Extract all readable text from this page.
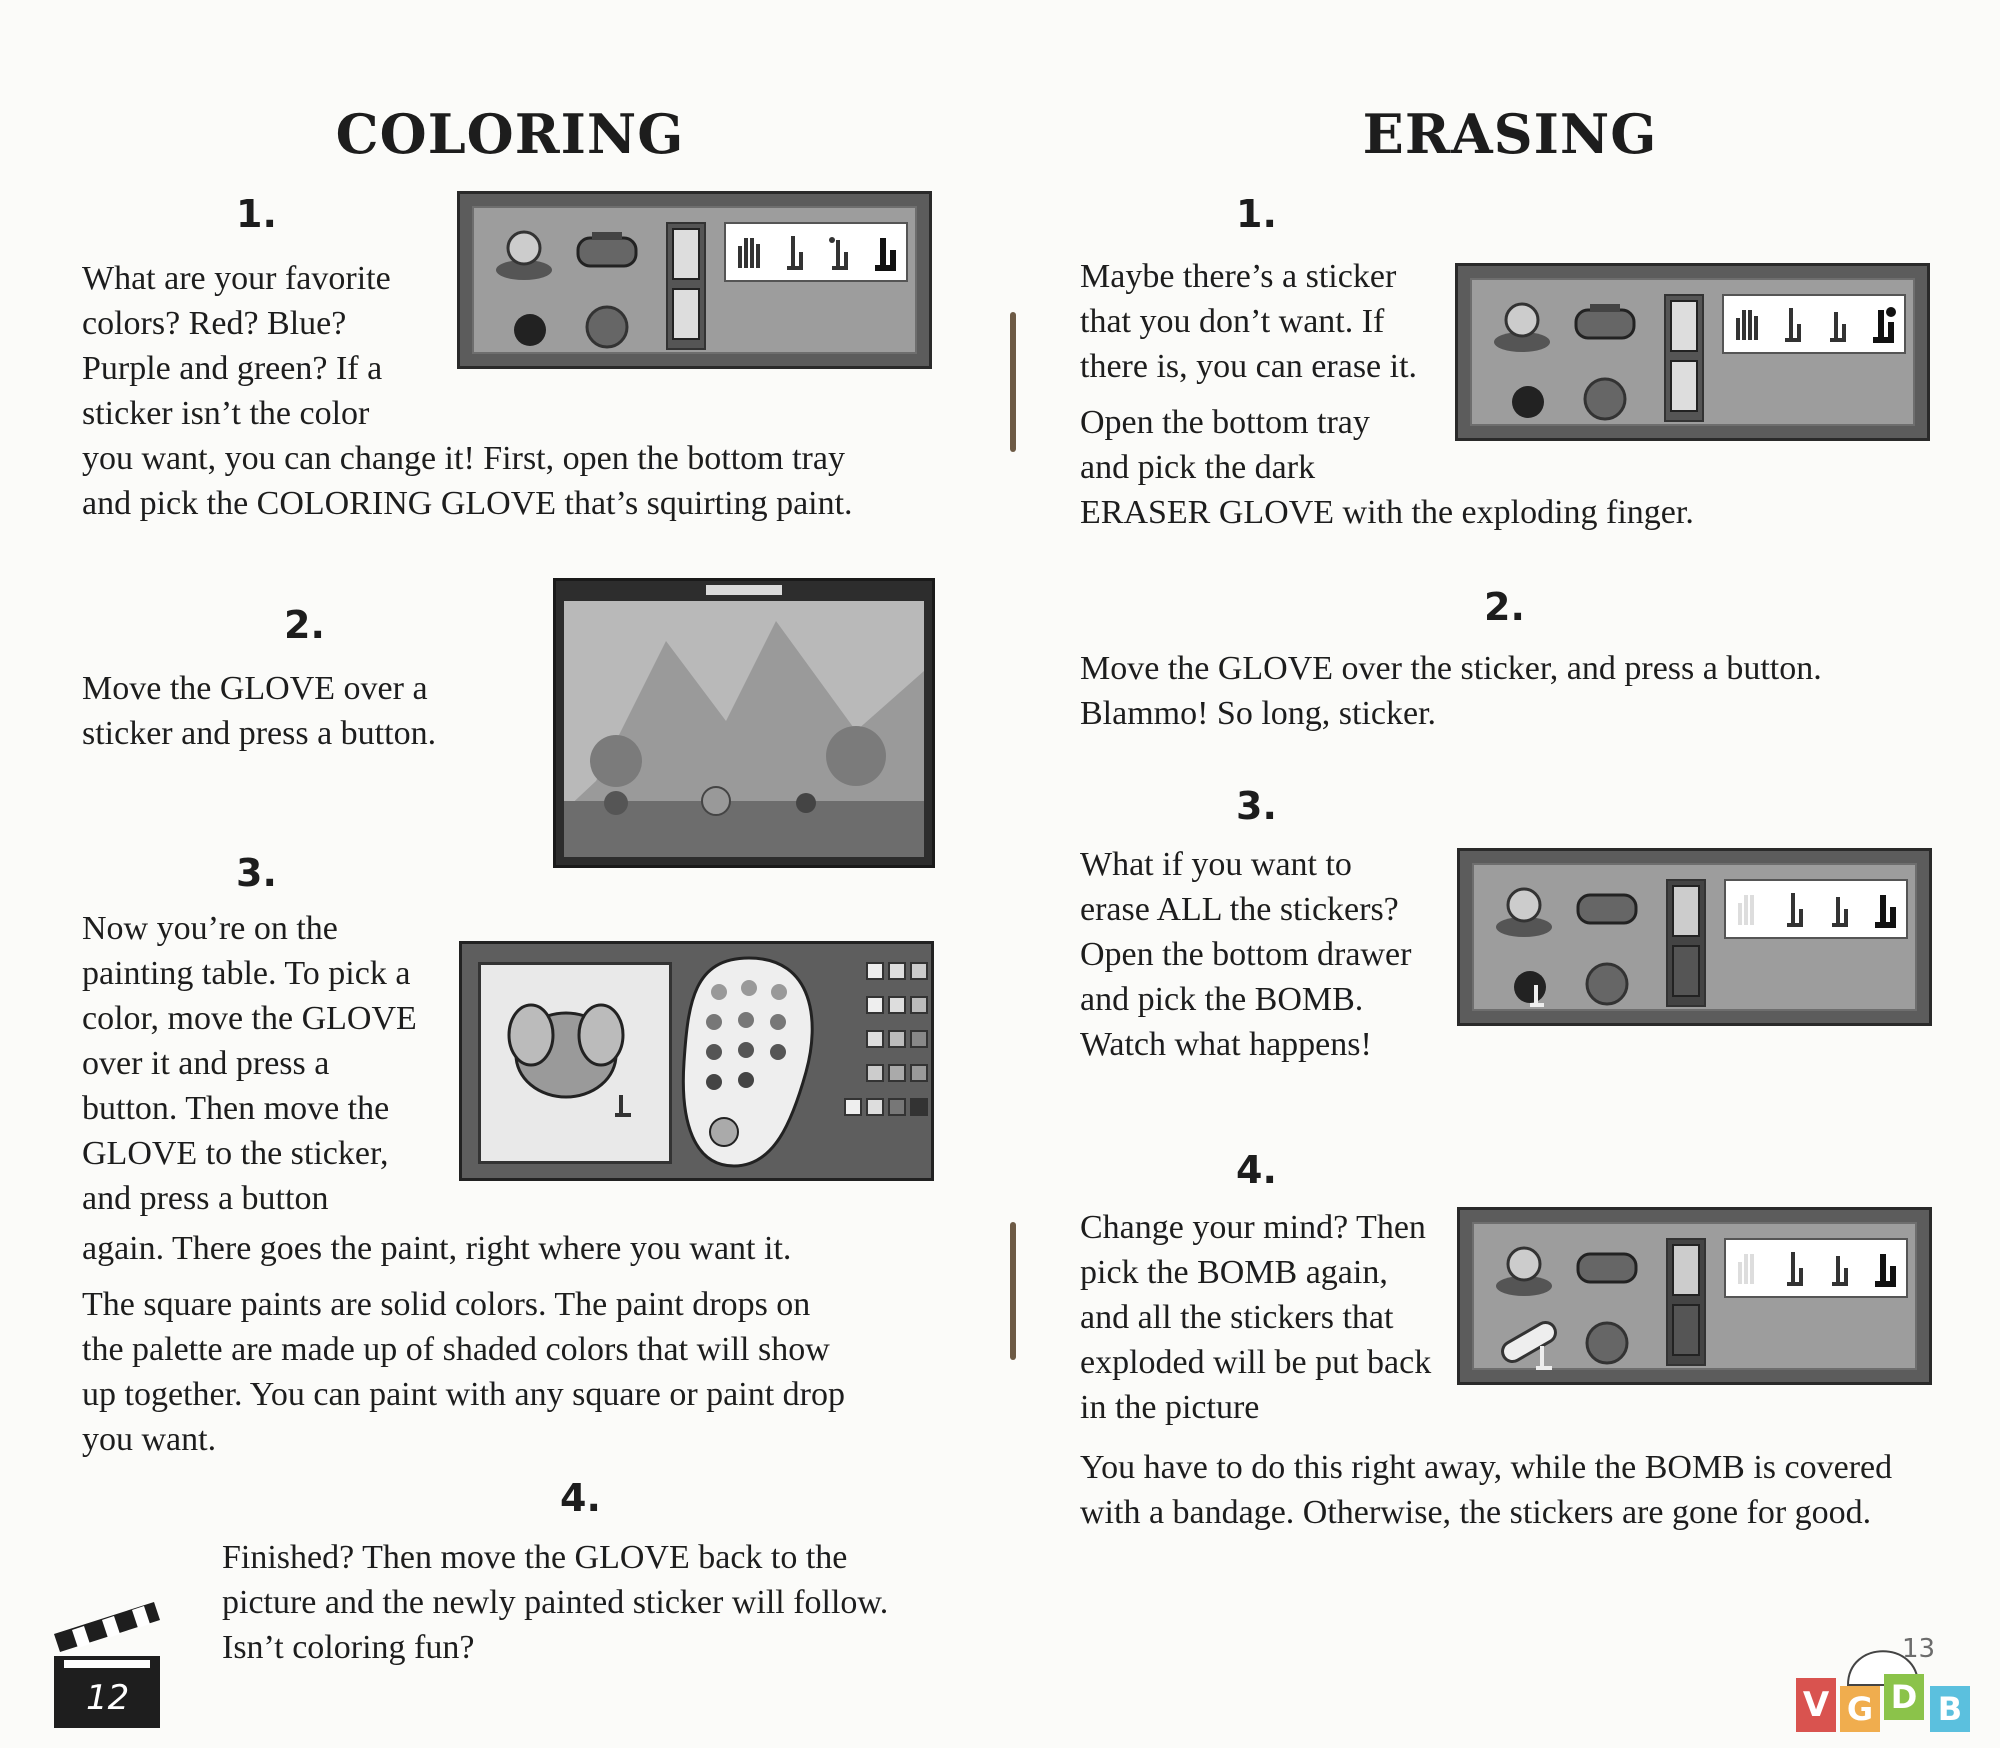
COLORING
1.

What are your favorite
colors? Red? Blue?
Purple and green? If a
sticker isn’t the color

you want, you can change it! First, open the bottom tray
and pick the COLORING GLOVE that’s squirting paint.

2.

Move the GLOVE over a
sticker and press a button.

3.

Now you’re on the
painting table. To pick a
color, move the GLOVE
over it and press a
button. Then move the
GLOVE to the sticker,
and press a button

again. There goes the paint, right where you want it.

The square paints are solid colors. The paint drops on
the palette are made up of shaded colors that will show
up together. You can paint with any square or paint drop
you want.

4.

Finished? Then move the GLOVE back to the
picture and the newly painted sticker will follow.
Isn’t coloring fun?

12
ERASING
1.

Maybe there’s a sticker
that you don’t want. If
there is, you can erase it.

Open the bottom tray
and pick the dark
ERASER GLOVE with the exploding finger.

2.

Move the GLOVE over the sticker, and press a button.
Blammo! So long, sticker.

3.

What if you want to
erase ALL the stickers?
Open the bottom drawer
and pick the BOMB.
Watch what happens!

4.

Change your mind? Then
pick the BOMB again,
and all the stickers that
exploded will be put back
in the picture

You have to do this right away, while the BOMB is covered
with a bandage. Otherwise, the stickers are gone for good.

13
V G D B
